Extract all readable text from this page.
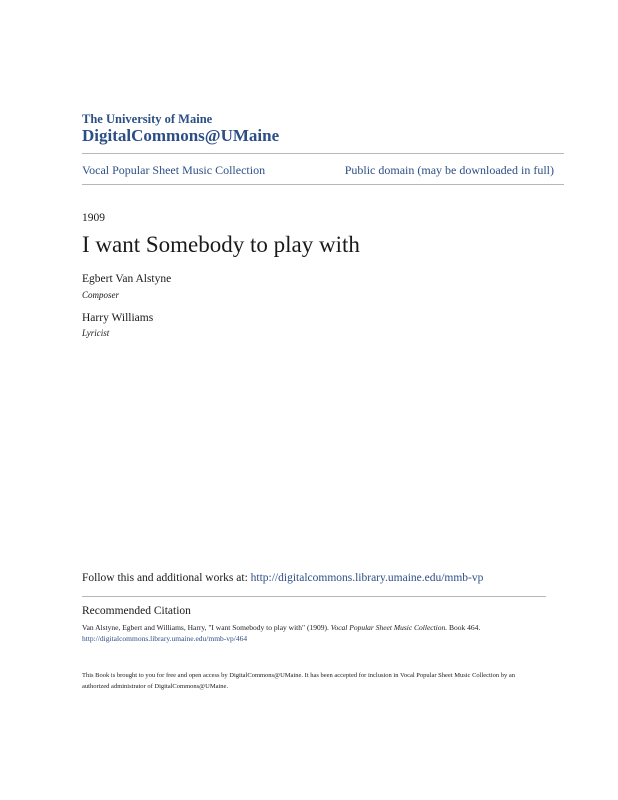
The University of Maine
DigitalCommons@UMaine
Vocal Popular Sheet Music Collection	Public domain (may be downloaded in full)
1909
I want Somebody to play with
Egbert Van Alstyne
Composer
Harry Williams
Lyricist
Follow this and additional works at: http://digitalcommons.library.umaine.edu/mmb-vp
Recommended Citation
Van Alstyne, Egbert and Williams, Harry, "I want Somebody to play with" (1909). Vocal Popular Sheet Music Collection. Book 464.
http://digitalcommons.library.umaine.edu/mmb-vp/464
This Book is brought to you for free and open access by DigitalCommons@UMaine. It has been accepted for inclusion in Vocal Popular Sheet Music Collection by an authorized administrator of DigitalCommons@UMaine.
